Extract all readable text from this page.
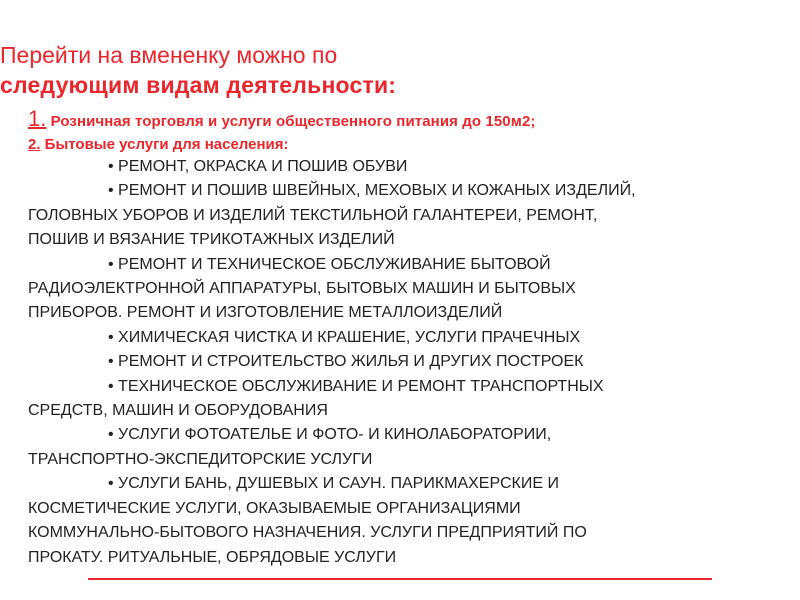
Перейти на вмененку можно по
следующим видам деятельности:
1. Розничная торговля и услуги общественного питания до 150м2;
2. Бытовые услуги для населения:
• РЕМОНТ, ОКРАСКА И ПОШИВ ОБУВИ
• РЕМОНТ И ПОШИВ ШВЕЙНЫХ, МЕХОВЫХ И КОЖАНЫХ ИЗДЕЛИЙ,
ГОЛОВНЫХ УБОРОВ И ИЗДЕЛИЙ ТЕКСТИЛЬНОЙ ГАЛАНТЕРЕИ, РЕМОНТ,
ПОШИВ И ВЯЗАНИЕ ТРИКОТАЖНЫХ ИЗДЕЛИЙ
• РЕМОНТ И ТЕХНИЧЕСКОЕ ОБСЛУЖИВАНИЕ БЫТОВОЙ
РАДИОЭЛЕКТРОННОЙ АППАРАТУРЫ, БЫТОВЫХ МАШИН И БЫТОВЫХ
ПРИБОРОВ. РЕМОНТ И ИЗГОТОВЛЕНИЕ МЕТАЛЛОИЗДЕЛИЙ
• ХИМИЧЕСКАЯ ЧИСТКА И КРАШЕНИЕ, УСЛУГИ ПРАЧЕЧНЫХ
• РЕМОНТ И СТРОИТЕЛЬСТВО ЖИЛЬЯ И ДРУГИХ ПОСТРОЕК
• ТЕХНИЧЕСКОЕ ОБСЛУЖИВАНИЕ И РЕМОНТ ТРАНСПОРТНЫХ
СРЕДСТВ, МАШИН И ОБОРУДОВАНИЯ
• УСЛУГИ ФОТОАТЕЛЬЕ И ФОТО- И КИНОЛАБОРАТОРИИ,
ТРАНСПОРТНО-ЭКСПЕДИТОРСКИЕ УСЛУГИ
• УСЛУГИ БАНЬ, ДУШЕВЫХ И САУН. ПАРИКМАХЕРСКИЕ И
КОСМЕТИЧЕСКИЕ УСЛУГИ, ОКАЗЫВАЕМЫЕ ОРГАНИЗАЦИЯМИ
КОММУНАЛЬНО-БЫТОВОГО НАЗНАЧЕНИЯ. УСЛУГИ ПРЕДПРИЯТИЙ ПО
ПРОКАТУ. РИТУАЛЬНЫЕ, ОБРЯДОВЫЕ УСЛУГИ
